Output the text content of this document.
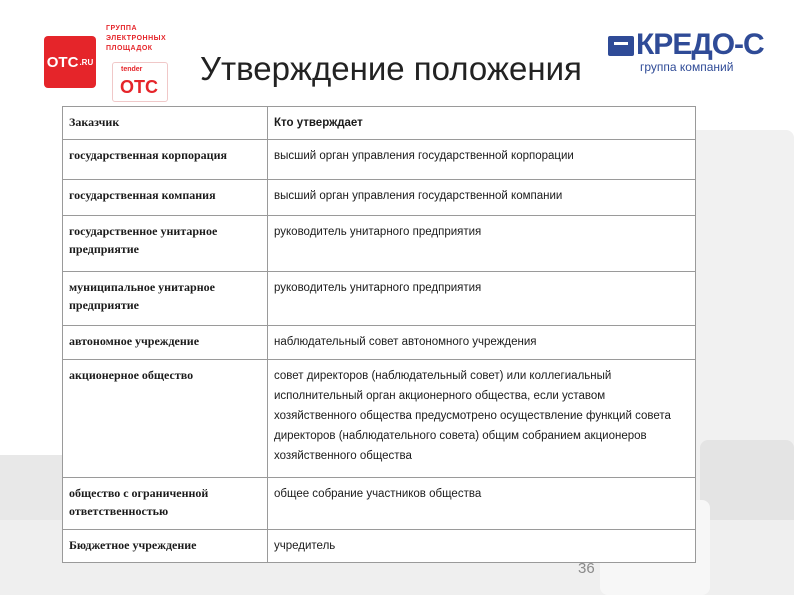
OTC .RU
ГРУППА
ЭЛЕКТРОННЫХ
ПЛОЩАДОК
tender
OTC
КРЕДО-С
группа компаний
Утверждение положения
Заказчик	Кто утверждает
государственная корпорация	высший орган управления государственной корпорации
государственная компания	высший орган управления государственной компании
государственное унитарное предприятие	руководитель унитарного предприятия
муниципальное унитарное предприятие	руководитель унитарного предприятия
автономное учреждение	наблюдательный совет автономного учреждения
акционерное общество	совет директоров (наблюдательный совет) или коллегиальный исполнительный орган акционерного общества, если уставом хозяйственного общества предусмотрено осуществление функций совета директоров (наблюдательного совета) общим собранием акционеров хозяйственного общества
общество с ограниченной ответственностью	общее собрание участников общества
Бюджетное учреждение	учредитель
36
